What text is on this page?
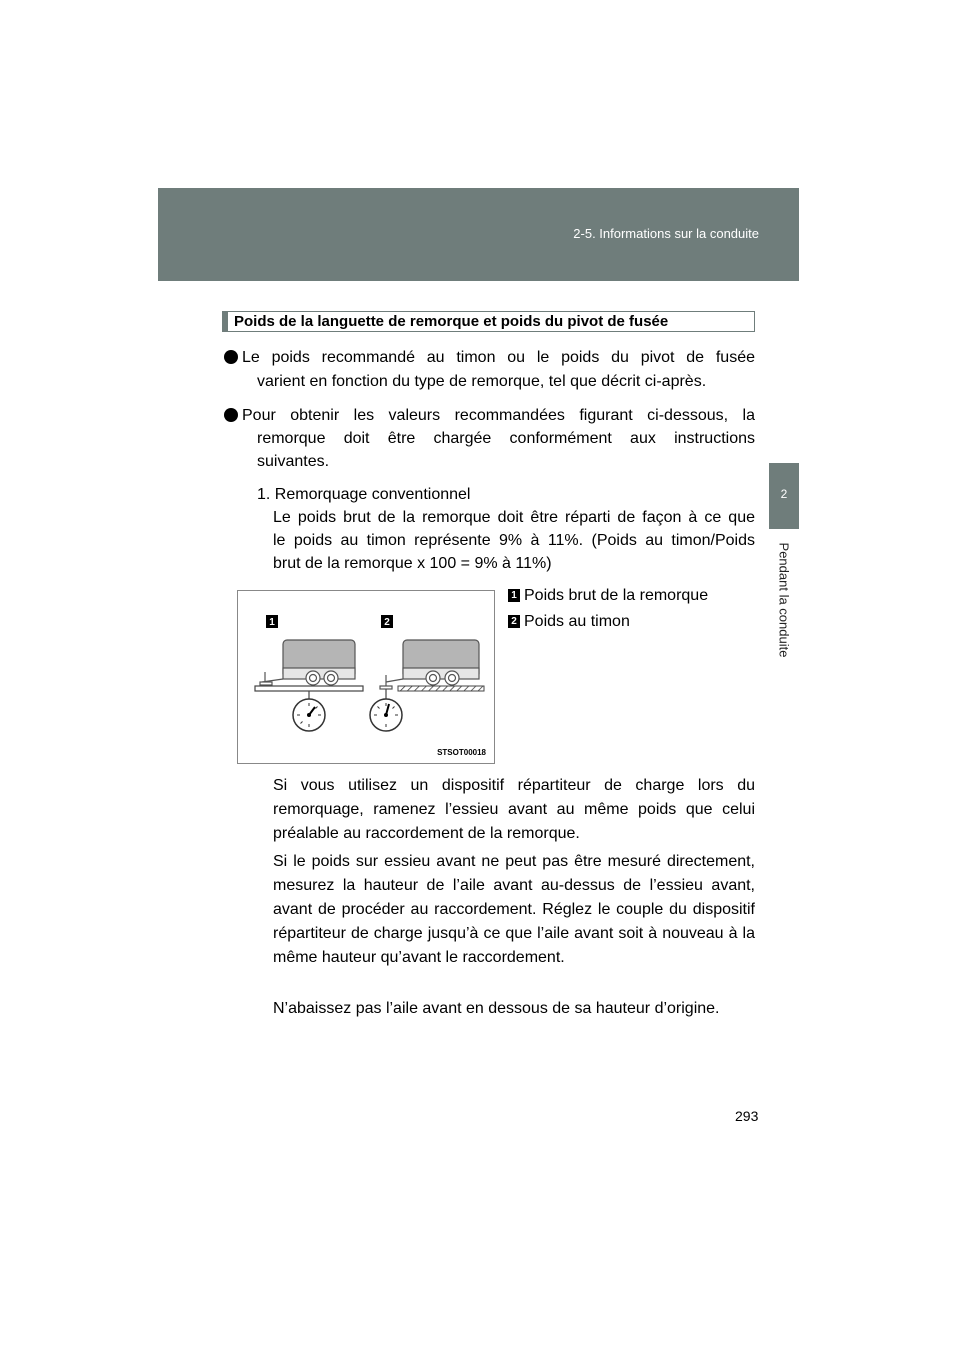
2-5. Informations sur la conduite
2
Pendant la conduite
Poids de la languette de remorque et poids du pivot de fusée
Le poids recommandé au timon ou le poids du pivot de fusée
varient en fonction du type de remorque, tel que décrit ci-après.
Pour obtenir les valeurs recommandées figurant ci-dessous, la
remorque doit être chargée conformément aux instructions
suivantes.
1. Remorquage conventionnel
Le poids brut de la remorque doit être réparti de façon à ce que
le poids au timon représente 9% à 11%. (Poids au timon/Poids
brut de la remorque x 100 = 9% à 11%)
1	2
STSOT00018
1 Poids brut de la remorque
2 Poids au timon
Si vous utilisez un dispositif répartiteur de charge lors du remorquage, ramenez l’essieu avant au même poids que celui préalable au raccordement de la remorque.
Si le poids sur essieu avant ne peut pas être mesuré directement, mesurez la hauteur de l’aile avant au-dessus de l’essieu avant, avant de procéder au raccordement. Réglez le couple du dispositif répartiteur de charge jusqu’à ce que l’aile avant soit à nouveau à la même hauteur qu’avant le raccordement.
N’abaissez pas l’aile avant en dessous de sa hauteur d’origine.
293
